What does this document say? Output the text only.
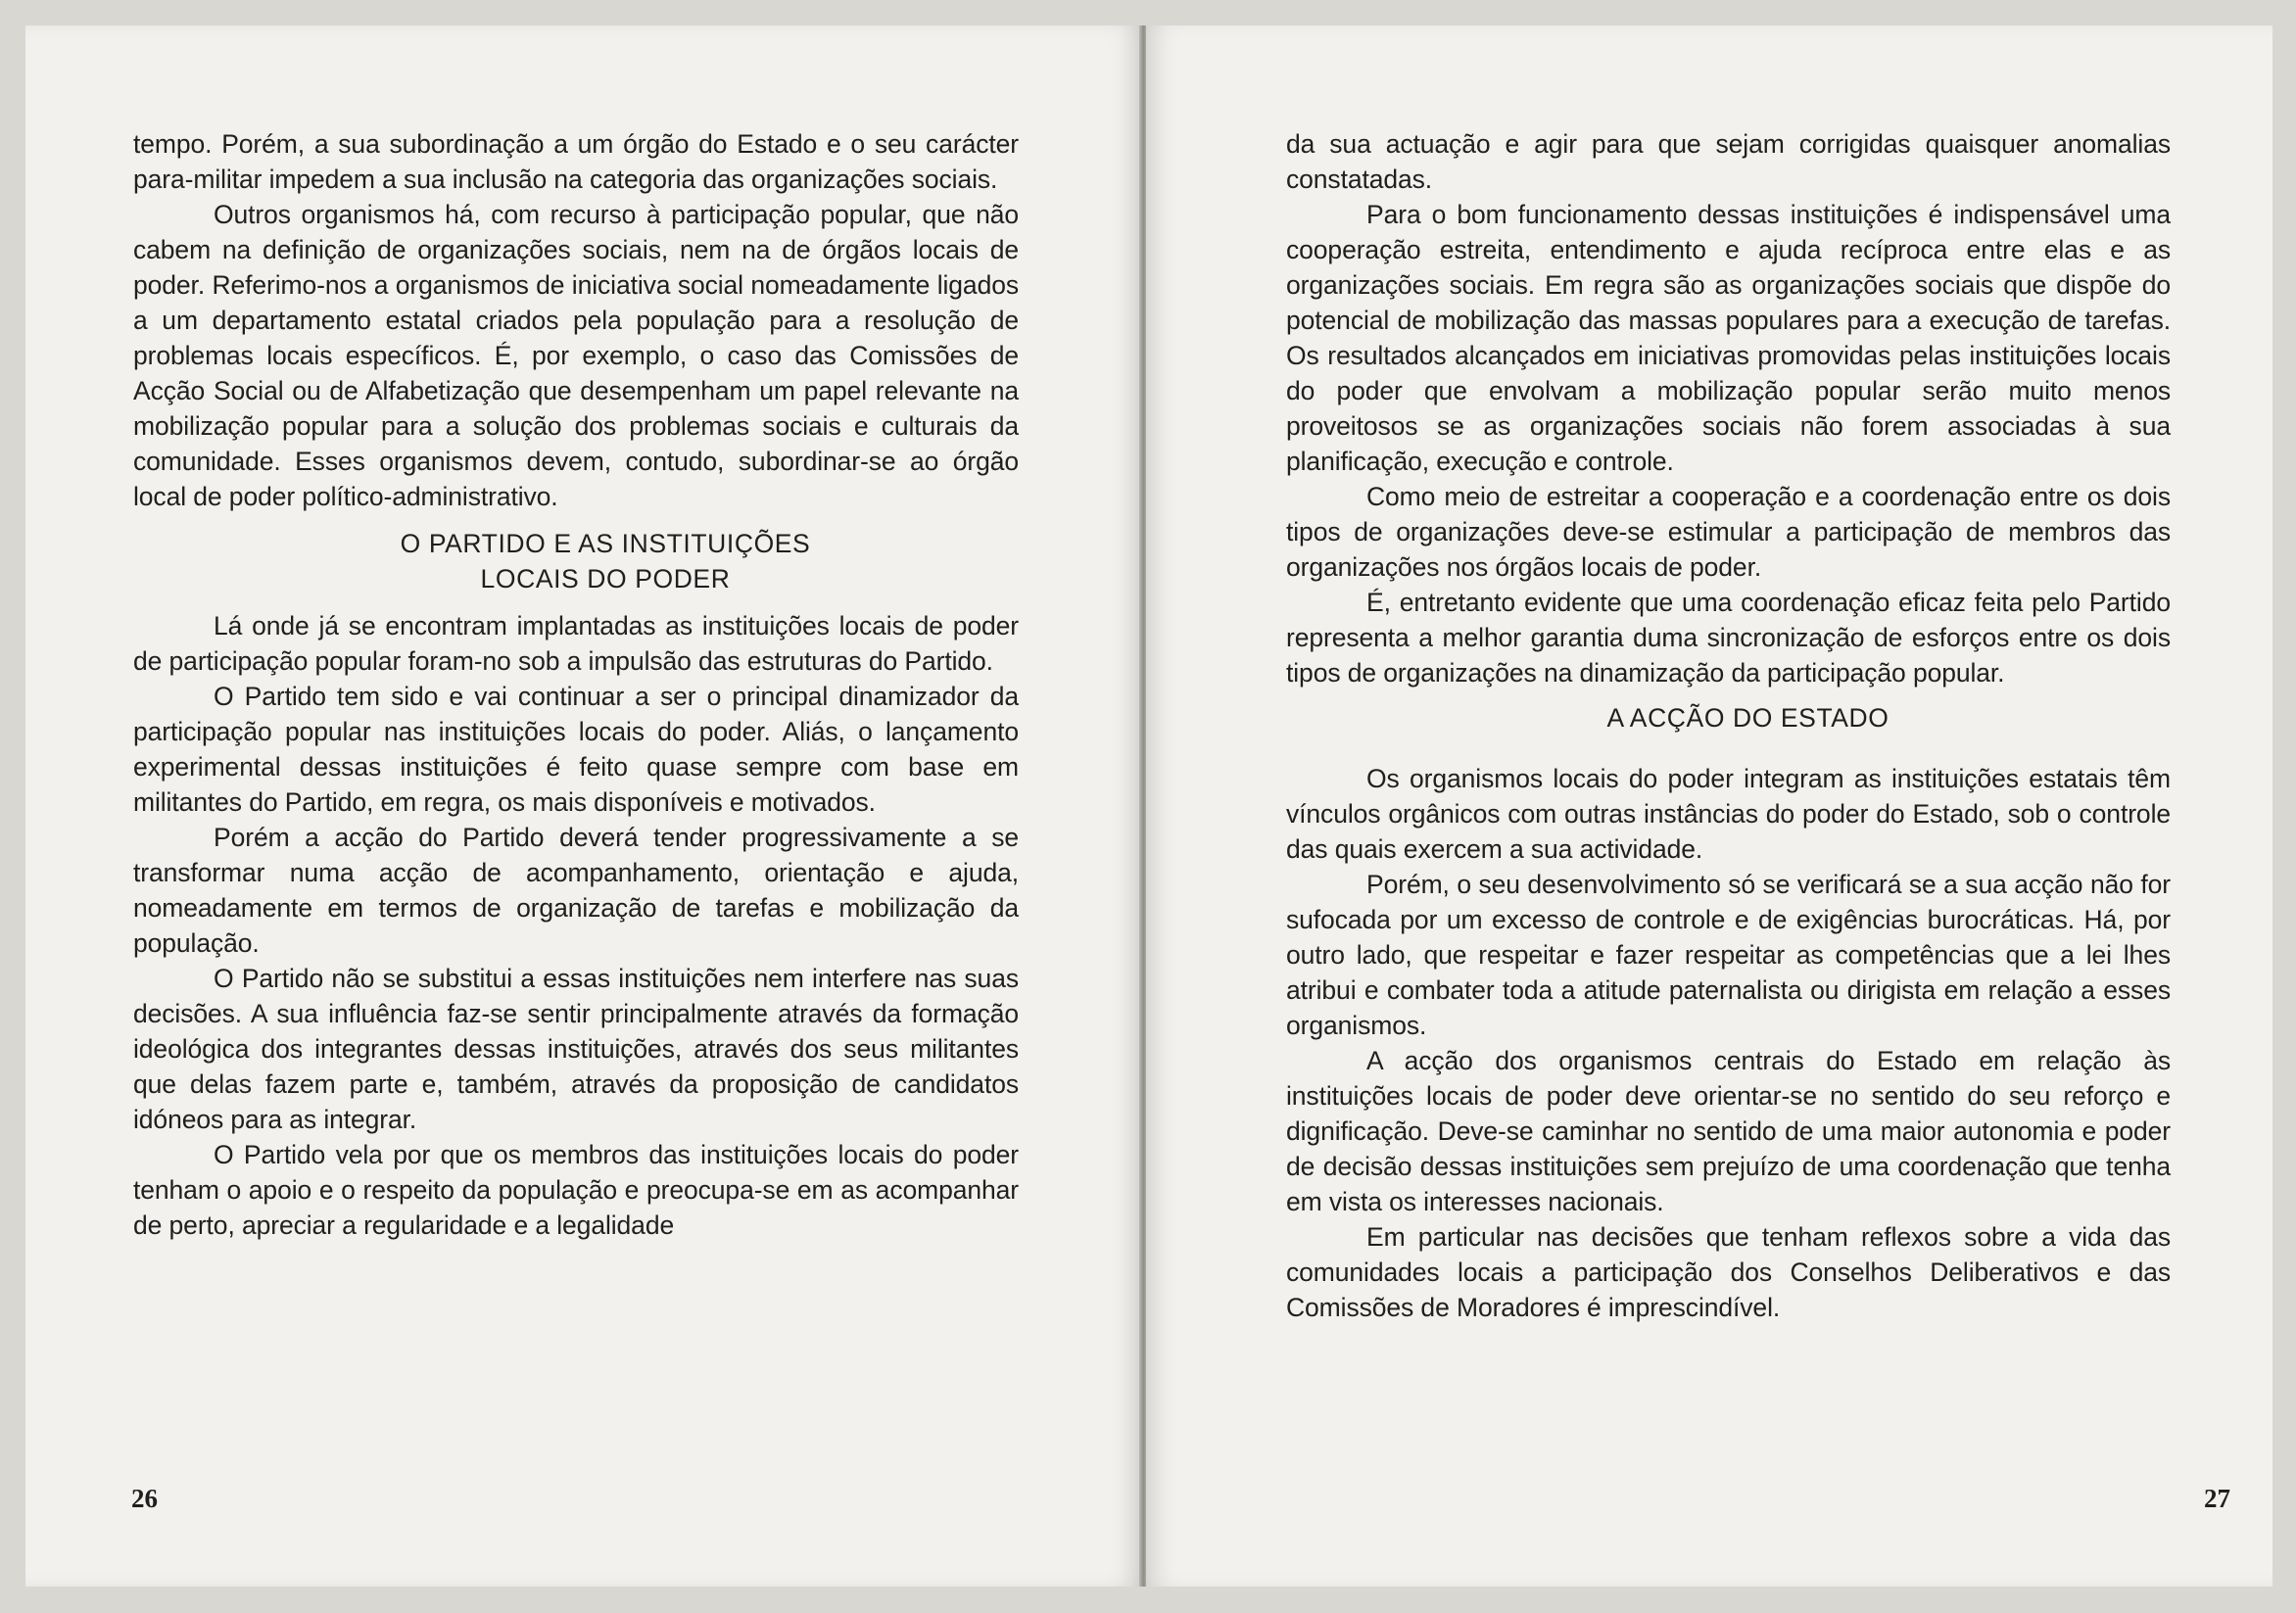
tempo. Porém, a sua subordinação a um órgão do Estado e o seu carácter para-militar impedem a sua inclusão na categoria das organizações sociais.

Outros organismos há, com recurso à participação popular, que não cabem na definição de organizações sociais, nem na de órgãos locais de poder. Referimo-nos a organismos de iniciativa social nomeadamente ligados a um departamento estatal criados pela população para a resolução de problemas locais específicos. É, por exemplo, o caso das Comissões de Acção Social ou de Alfabetização que desempenham um papel relevante na mobilização popular para a solução dos problemas sociais e culturais da comunidade. Esses organismos devem, contudo, subordinar-se ao órgão local de poder político-administrativo.

O PARTIDO E AS INSTITUIÇÕES
LOCAIS DO PODER

Lá onde já se encontram implantadas as instituições locais de poder de participação popular foram-no sob a impulsão das estruturas do Partido.

O Partido tem sido e vai continuar a ser o principal dinamizador da participação popular nas instituições locais do poder. Aliás, o lançamento experimental dessas instituições é feito quase sempre com base em militantes do Partido, em regra, os mais disponíveis e motivados.

Porém a acção do Partido deverá tender progressivamente a se transformar numa acção de acompanhamento, orientação e ajuda, nomeadamente em termos de organização de tarefas e mobilização da população.

O Partido não se substitui a essas instituições nem interfere nas suas decisões. A sua influência faz-se sentir principalmente através da formação ideológica dos integrantes dessas instituições, através dos seus militantes que delas fazem parte e, também, através da proposição de candidatos idóneos para as integrar.

O Partido vela por que os membros das instituições locais do poder tenham o apoio e o respeito da população e preocupa-se em as acompanhar de perto, apreciar a regularidade e a legalidade

26

da sua actuação e agir para que sejam corrigidas quaisquer anomalias constatadas.

Para o bom funcionamento dessas instituições é indispensável uma cooperação estreita, entendimento e ajuda recíproca entre elas e as organizações sociais. Em regra são as organizações sociais que dispõe do potencial de mobilização das massas populares para a execução de tarefas. Os resultados alcançados em iniciativas promovidas pelas instituições locais do poder que envolvam a mobilização popular serão muito menos proveitosos se as organizações sociais não forem associadas à sua planificação, execução e controle.

Como meio de estreitar a cooperação e a coordenação entre os dois tipos de organizações deve-se estimular a participação de membros das organizações nos órgãos locais de poder.

É, entretanto evidente que uma coordenação eficaz feita pelo Partido representa a melhor garantia duma sincronização de esforços entre os dois tipos de organizações na dinamização da participação popular.

A ACÇÃO DO ESTADO

Os organismos locais do poder integram as instituições estatais têm vínculos orgânicos com outras instâncias do poder do Estado, sob o controle das quais exercem a sua actividade.

Porém, o seu desenvolvimento só se verificará se a sua acção não for sufocada por um excesso de controle e de exigências burocráticas. Há, por outro lado, que respeitar e fazer respeitar as competências que a lei lhes atribui e combater toda a atitude paternalista ou dirigista em relação a esses organismos.

A acção dos organismos centrais do Estado em relação às instituições locais de poder deve orientar-se no sentido do seu reforço e dignificação. Deve-se caminhar no sentido de uma maior autonomia e poder de decisão dessas instituições sem prejuízo de uma coordenação que tenha em vista os interesses nacionais.

Em particular nas decisões que tenham reflexos sobre a vida das comunidades locais a participação dos Conselhos Deliberativos e das Comissões de Moradores é imprescindível.

27
